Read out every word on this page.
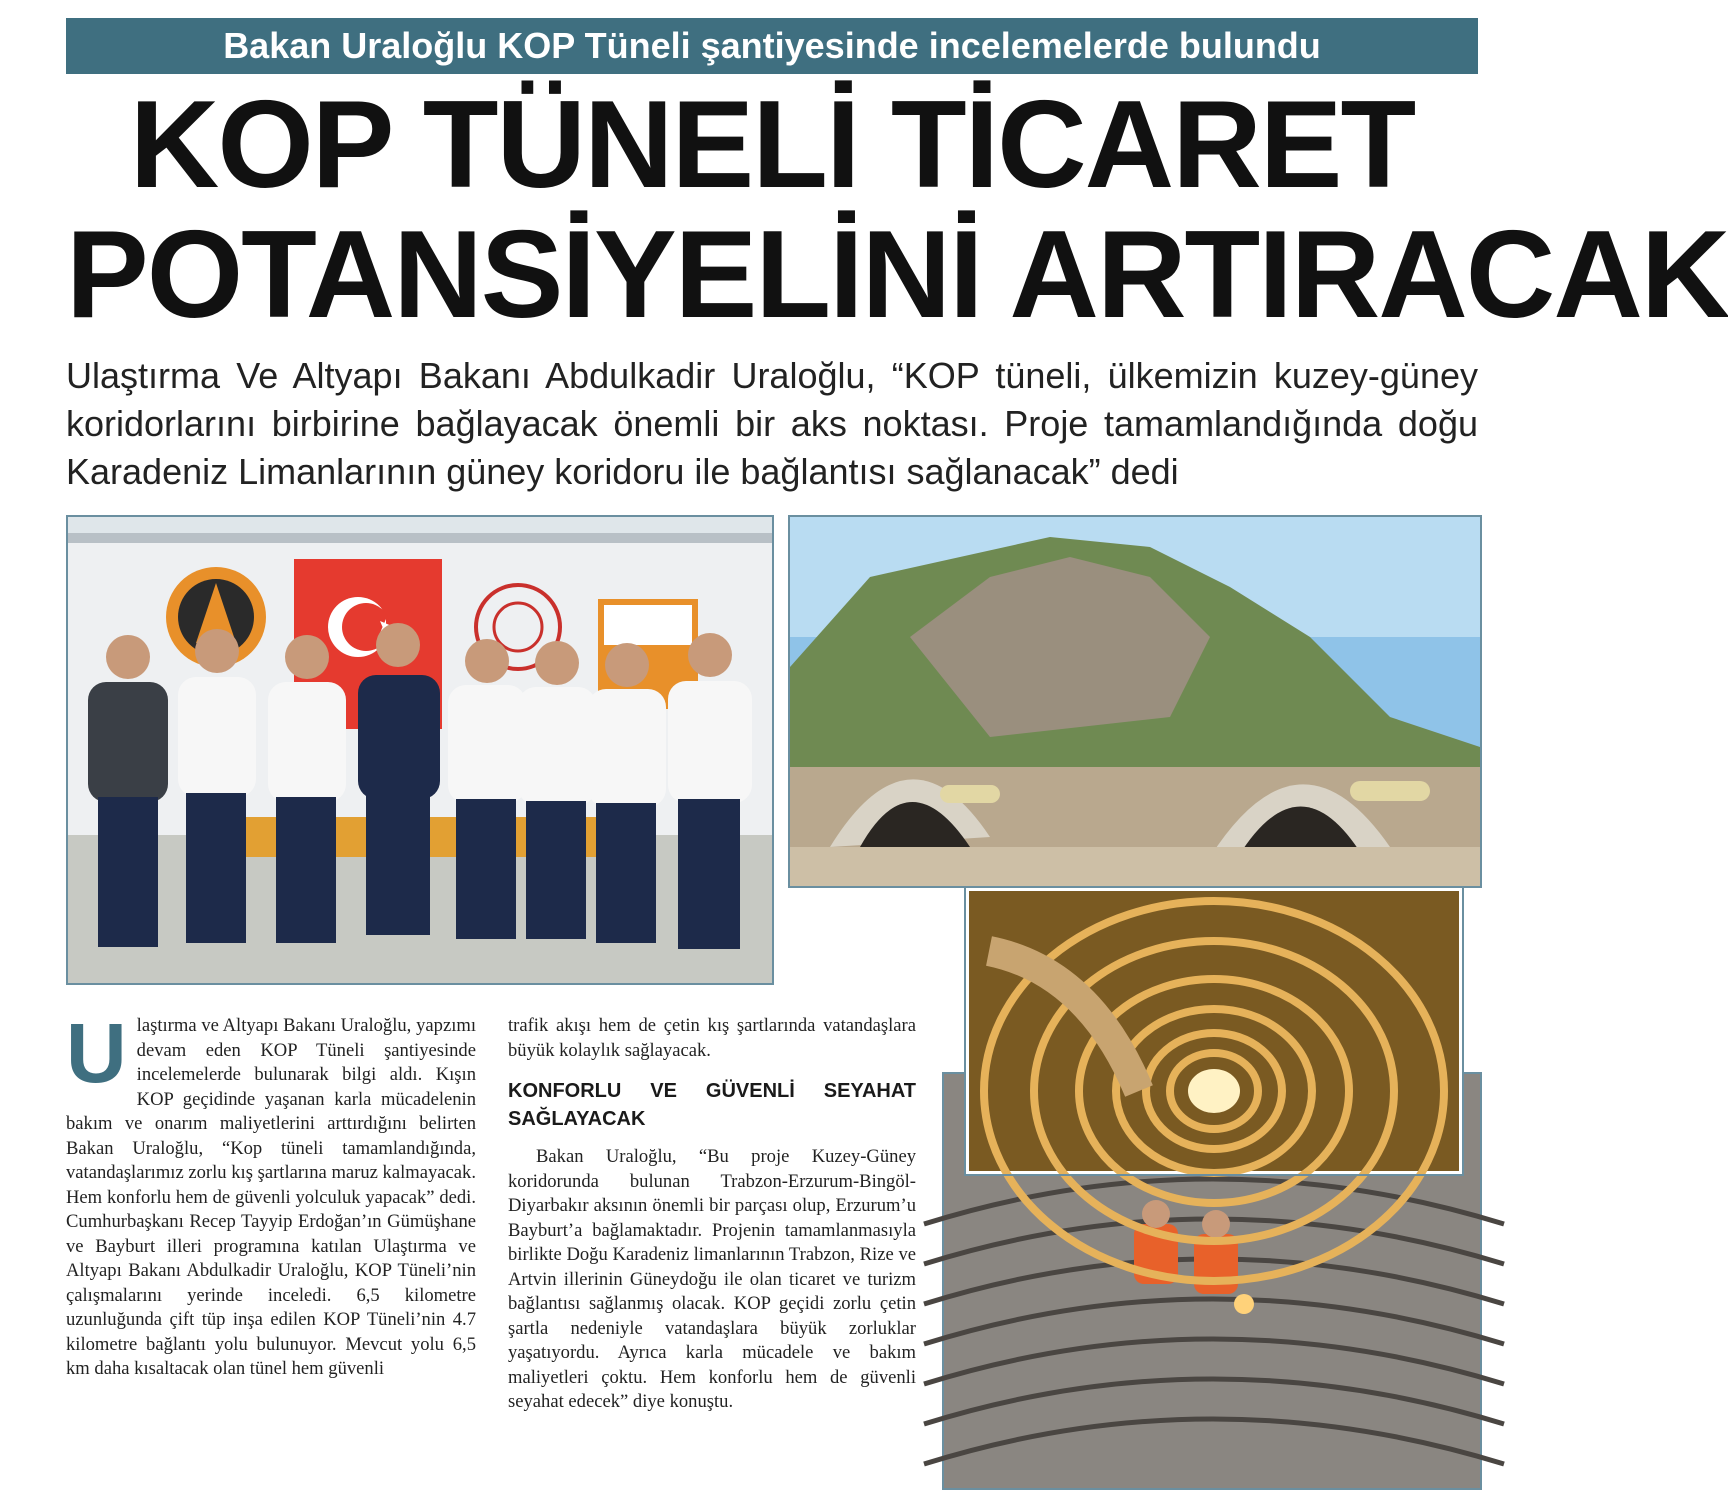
Bakan Uraloğlu KOP Tüneli şantiyesinde incelemelerde bulundu
KOP TÜNELİ TİCARET
POTANSİYELİNİ ARTIRACAK

Ulaştırma Ve Altyapı Bakanı Abdulkadir Uraloğlu, “KOP tüneli, ülkemizin kuzey-güney koridorlarını birbirine bağlayacak önemli bir aks noktası. Proje tamamlandığında doğu Karadeniz Limanlarının güney koridoru ile bağlantısı sağlanacak” dedi

U laştırma ve Altyapı Bakanı Uraloğlu, yapzımı devam eden KOP Tüneli şantiyesinde incelemelerde bulunarak bilgi aldı. Kışın KOP geçidinde yaşanan karla mücadelenin bakım ve onarım maliyetlerini arttırdığını belirten Bakan Uraloğlu, “Kop tüneli tamamlandığında, vatandaşlarımız zorlu kış şartlarına maruz kalmayacak. Hem konforlu hem de güvenli yolculuk yapacak” dedi. Cumhurbaşkanı Recep Tayyip Erdoğan’ın Gümüşhane ve Bayburt illeri programına katılan Ulaştırma ve Altyapı Bakanı Abdulkadir Uraloğlu, KOP Tüneli’nin çalışmalarını yerinde inceledi. 6,5 kilometre uzunluğunda çift tüp inşa edilen KOP Tüneli’nin 4.7 kilometre bağlantı yolu bulunuyor. Mevcut yolu 6,5 km daha kısaltacak olan tünel hem güvenli
trafik akışı hem de çetin kış şartlarında vatandaşlara büyük kolaylık sağlayacak.
KONFORLU VE GÜVENLİ SEYAHAT SAĞLAYACAK
Bakan Uraloğlu, “Bu proje Kuzey-Güney koridorunda bulunan Trabzon-Erzurum-Bingöl-Diyarbakır aksının önemli bir parçası olup, Erzurum’u Bayburt’a bağlamaktadır. Projenin tamamlanmasıyla birlikte Doğu Karadeniz limanlarının Trabzon, Rize ve Artvin illerinin Güneydoğu ile olan ticaret ve turizm bağlantısı sağlanmış olacak. KOP geçidi zorlu çetin şartla nedeniyle vatandaşlara büyük zorluklar yaşatıyordu. Ayrıca karla mücadele ve bakım maliyetleri çoktu. Hem konforlu hem de güvenli seyahat edecek” diye konuştu.
